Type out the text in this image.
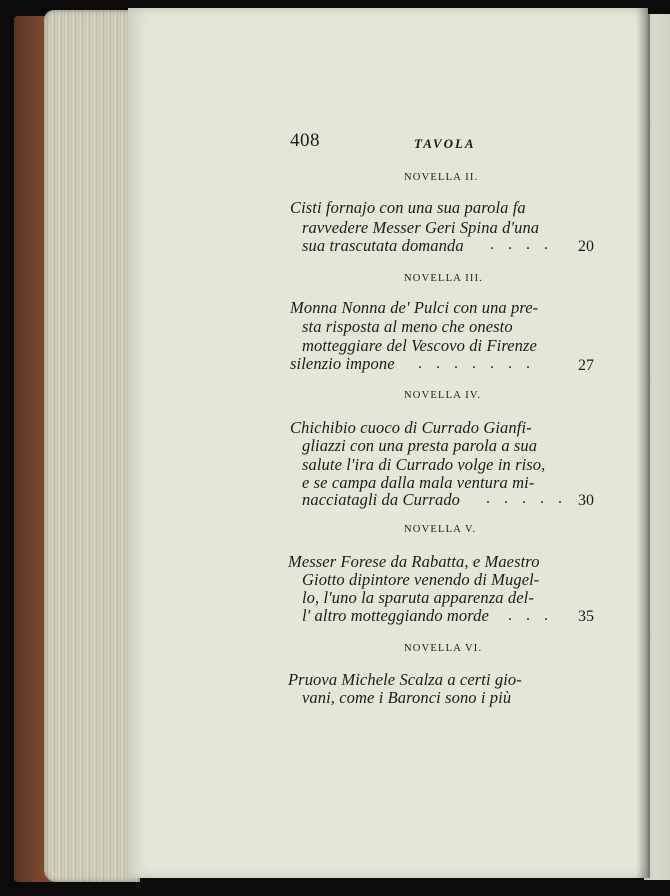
408	TAVOLA
NOVELLA II.
Cisti fornajo con una sua parola fa
ravvedere Messer Geri Spina d'una
sua trascutata domanda . . . . 20
NOVELLA III.
Monna Nonna de' Pulci con una pre-
sta risposta al meno che onesto
motteggiare del Vescovo di Firenze
silenzio impone . . . . . . .	27
NOVELLA IV.
Chichibio cuoco di Currado Gianfi-
gliazzi con una presta parola a sua
salute l'ira di Currado volge in riso,
e se campa dalla mala ventura mi-
nacciatagli da Currado . . . . . 30
NOVELLA V.
Messer Forese da Rabatta, e Maestro
Giotto dipintore venendo di Mugel-
lo, l'uno la sparuta apparenza del-
l' altro motteggiando morde . . . 35
NOVELLA VI.
Pruova Michele Scalza a certi gio-
vani, come i Baronci sono i più
